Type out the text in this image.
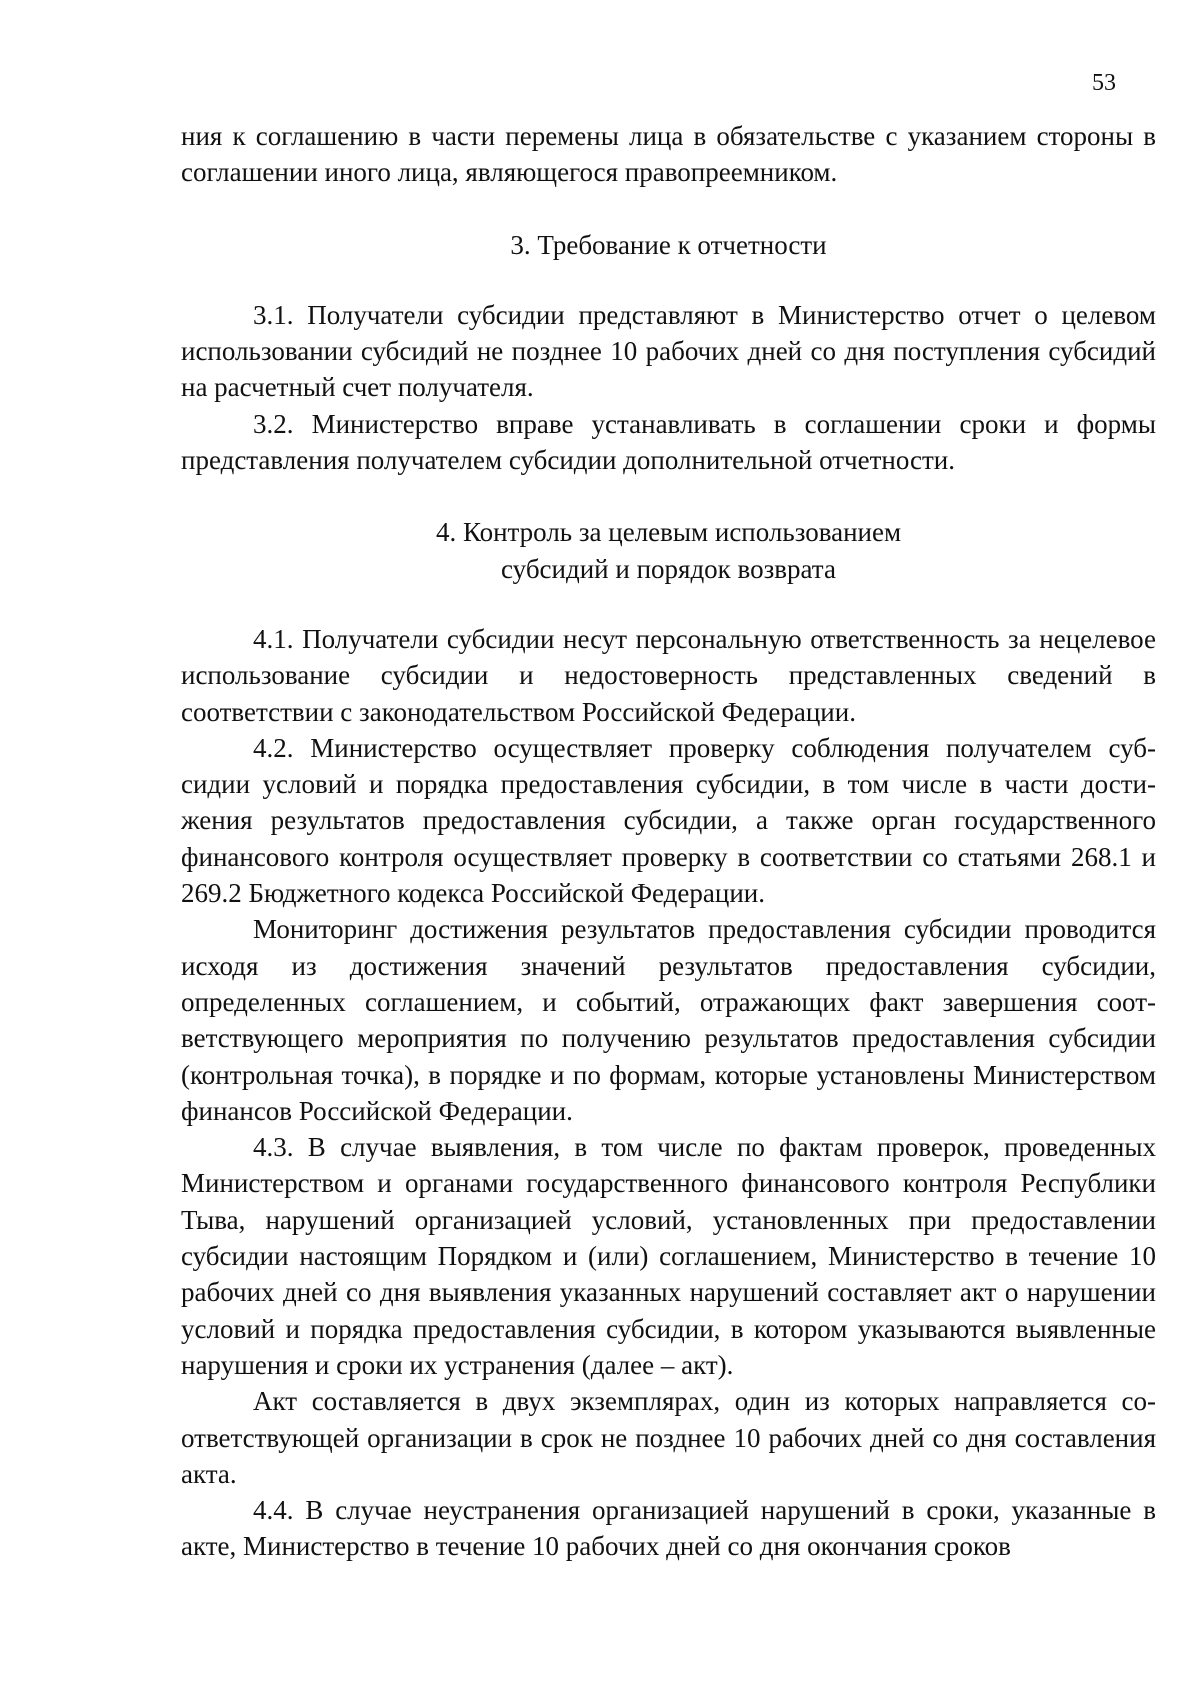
53

ния к соглашению в части перемены лица в обязательстве с указанием стороны в соглашении иного лица, являющегося правопреемником.

3. Требование к отчетности

3.1. Получатели субсидии представляют в Министерство отчет о целевом использовании субсидий не позднее 10 рабочих дней со дня поступления субсидий на расчетный счет получателя.

3.2. Министерство вправе устанавливать в соглашении сроки и формы представления получателем субсидии дополнительной отчетности.

4. Контроль за целевым использованием
субсидий и порядок возврата

4.1. Получатели субсидии несут персональную ответственность за нецелевое использование субсидии и недостоверность представленных сведений в соответствии с законодательством Российской Федерации.

4.2. Министерство осуществляет проверку соблюдения получателем субсидии условий и порядка предоставления субсидии, в том числе в части достижения результатов предоставления субсидии, а также орган государственного финансового контроля осуществляет проверку в соответствии со статьями 268.1 и 269.2 Бюджетного кодекса Российской Федерации.

Мониторинг достижения результатов предоставления субсидии проводится исходя из достижения значений результатов предоставления субсидии, определенных соглашением, и событий, отражающих факт завершения соответствующего мероприятия по получению результатов предоставления субсидии (контрольная точка), в порядке и по формам, которые установлены Министерством финансов Российской Федерации.

4.3. В случае выявления, в том числе по фактам проверок, проведенных Министерством и органами государственного финансового контроля Республики Тыва, нарушений организацией условий, установленных при предоставлении субсидии настоящим Порядком и (или) соглашением, Министерство в течение 10 рабочих дней со дня выявления указанных нарушений составляет акт о нарушении условий и порядка предоставления субсидии, в котором указываются выявленные нарушения и сроки их устранения (далее – акт).

Акт составляется в двух экземплярах, один из которых направляется соответствующей организации в срок не позднее 10 рабочих дней со дня составления акта.

4.4. В случае неустранения организацией нарушений в сроки, указанные в акте, Министерство в течение 10 рабочих дней со дня окончания сроков
